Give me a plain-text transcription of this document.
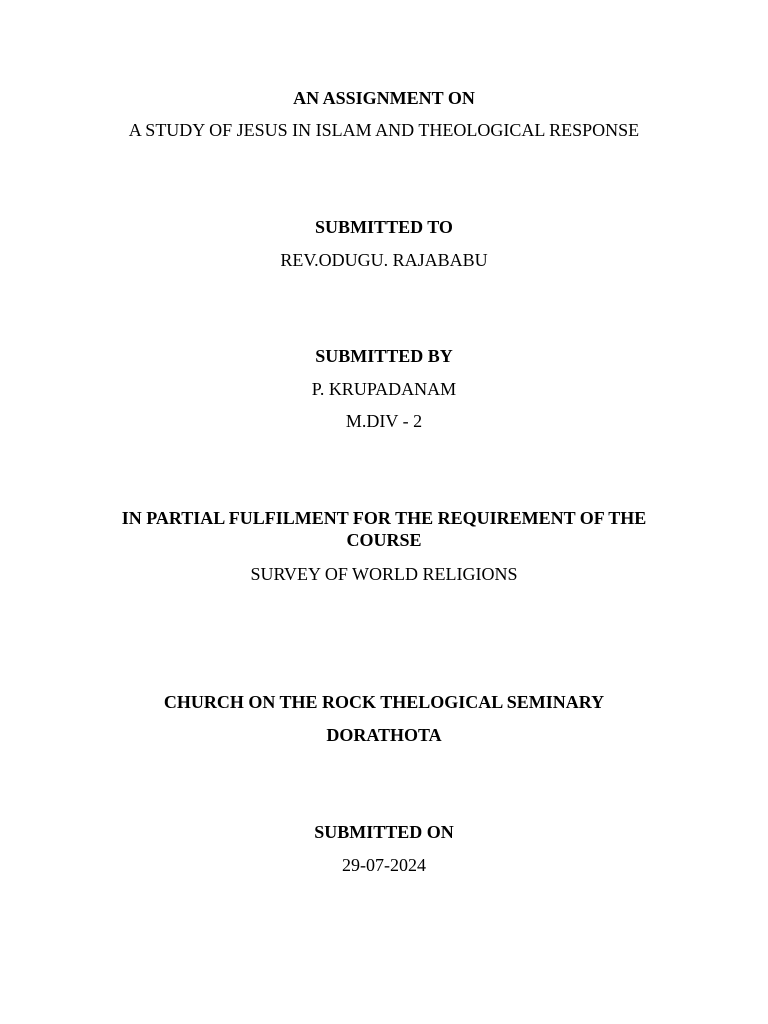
AN ASSIGNMENT ON
A STUDY OF JESUS IN ISLAM AND THEOLOGICAL RESPONSE
SUBMITTED TO
REV.ODUGU. RAJABABU
SUBMITTED BY
P. KRUPADANAM
M.DIV - 2
IN PARTIAL FULFILMENT FOR THE REQUIREMENT OF THE COURSE
SURVEY OF WORLD RELIGIONS
CHURCH ON THE ROCK THELOGICAL SEMINARY
DORATHOTA
SUBMITTED ON
29-07-2024
